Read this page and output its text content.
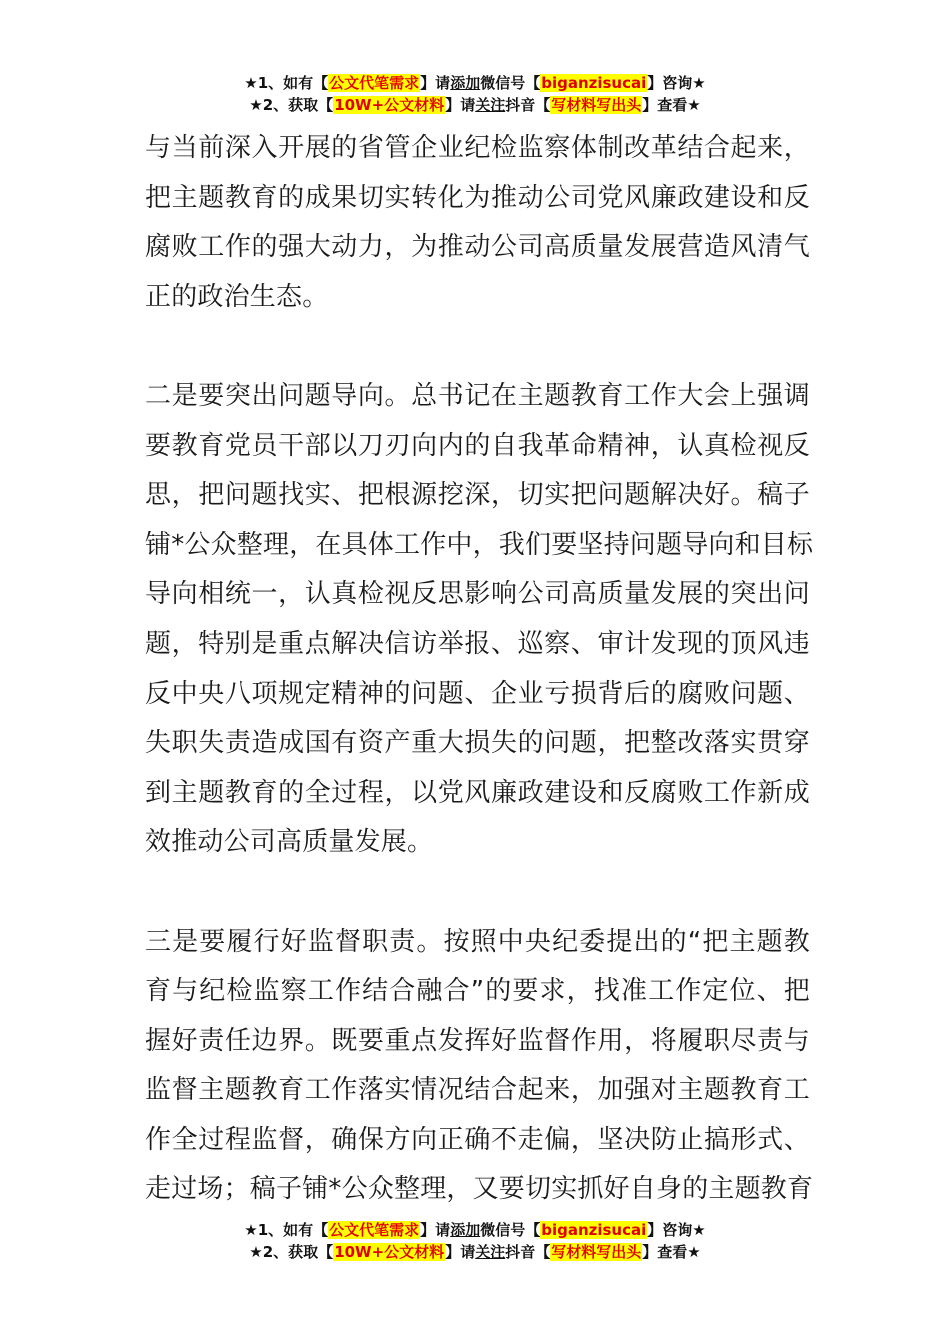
★1、如有【公文代笔需求】请添加微信号【biganzisucai】咨询★
★2、获取【10W+公文材料】请关注抖音【写材料写出头】查看★
与当前深入开展的省管企业纪检监察体制改革结合起来，
把主题教育的成果切实转化为推动公司党风廉政建设和反
腐败工作的强大动力，为推动公司高质量发展营造风清气
正的政治生态。
二是要突出问题导向。总书记在主题教育工作大会上强调
要教育党员干部以刀刃向内的自我革命精神，认真检视反
思，把问题找实、把根源挖深，切实把问题解决好。稿子
铺*公众整理，在具体工作中，我们要坚持问题导向和目标
导向相统一，认真检视反思影响公司高质量发展的突出问
题，特别是重点解决信访举报、巡察、审计发现的顶风违
反中央八项规定精神的问题、企业亏损背后的腐败问题、
失职失责造成国有资产重大损失的问题，把整改落实贯穿
到主题教育的全过程，以党风廉政建设和反腐败工作新成
效推动公司高质量发展。
三是要履行好监督职责。按照中央纪委提出的“把主题教
育与纪检监察工作结合融合”的要求，找准工作定位、把
握好责任边界。既要重点发挥好监督作用，将履职尽责与
监督主题教育工作落实情况结合起来，加强对主题教育工
作全过程监督，确保方向正确不走偏，坚决防止搞形式、
走过场；稿子铺*公众整理，又要切实抓好自身的主题教育
★1、如有【公文代笔需求】请添加微信号【biganzisucai】咨询★
★2、获取【10W+公文材料】请关注抖音【写材料写出头】查看★
